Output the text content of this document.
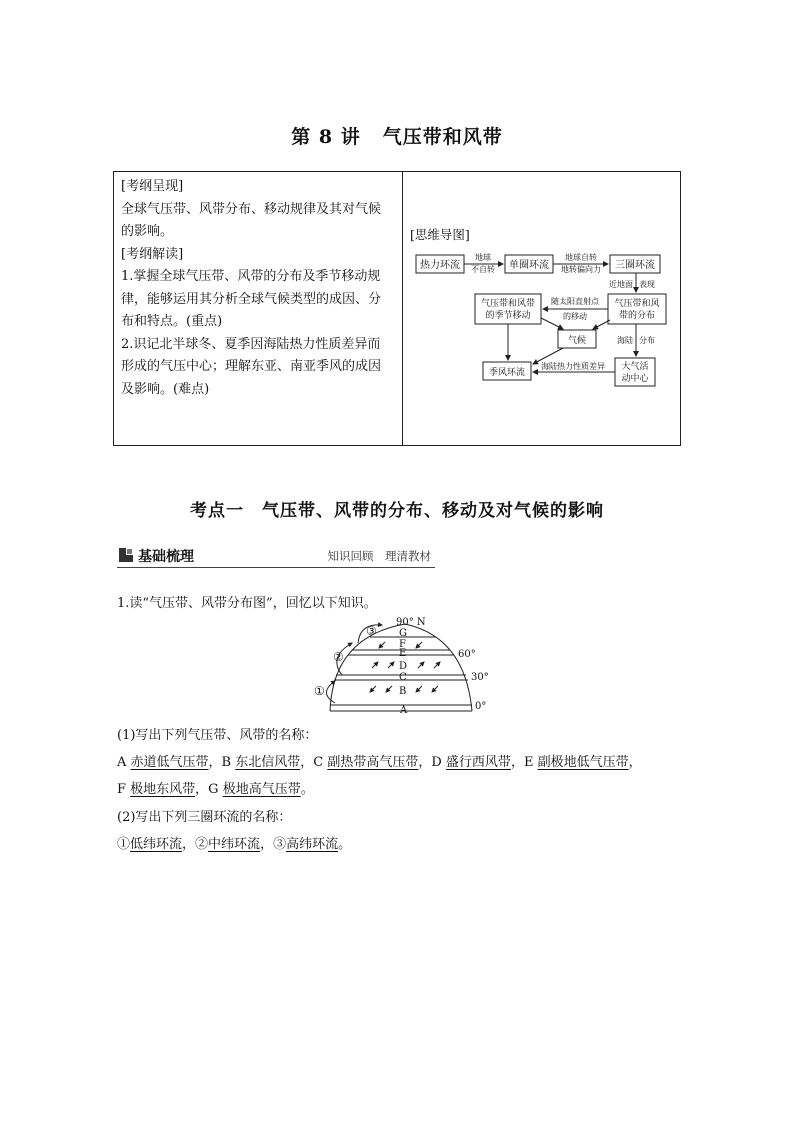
第 8 讲 气压带和风带
[考纲呈现]
全球气压带、风带分布、移动规律及其对气候
的影响。
[考纲解读]
1.掌握全球气压带、风带的分布及季节移动规
律，能够运用其分析全球气候类型的成因、分
布和特点。(重点)
2.识记北半球冬、夏季因海陆热力性质差异而
形成的气压中心；理解东亚、南亚季风的成因
及影响。(难点)

[思维导图]
热力环流	单圈环流	三圈环流
气压带和风带
的季节移动
气压带和风
带的分布
气候
季风环流
大气活
动中心
地球
不自转
地球自转
地转偏向力
近地面 表现
随太阳直射点
的移动
海陆 分布
海陆热力性质差异
考点一 气压带、风带的分布、移动及对气候的影响
基础梳理	知识回顾　理清教材
1.读“气压带、风带分布图”，回忆以下知识。
90° N
60°
30°
0°
A
B
C
D
E
F
G
①
②
③
(1)写出下列气压带、风带的名称：
A 赤道低气压带，B 东北信风带，C 副热带高气压带，D 盛行西风带，E 副极地低气压带，
F 极地东风带，G 极地高气压带。
(2)写出下列三圈环流的名称：
①低纬环流，②中纬环流，③高纬环流。
